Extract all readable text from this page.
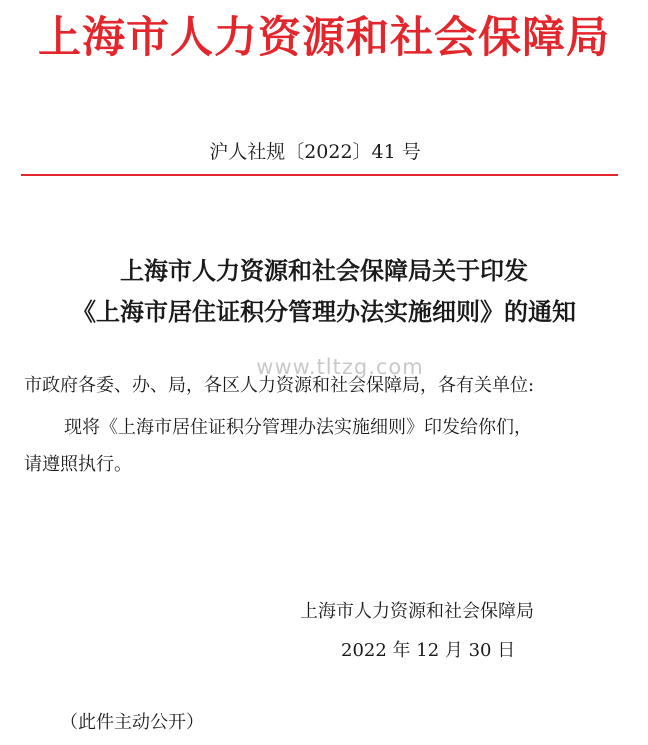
上海市人力资源和社会保障局
沪人社规〔2022〕41 号
上海市人力资源和社会保障局关于印发
《上海市居住证积分管理办法实施细则》的通知
市政府各委、办、局，各区人力资源和社会保障局，各有关单位:
www.tltzg.com
现将《上海市居住证积分管理办法实施细则》印发给你们，
请遵照执行。
上海市人力资源和社会保障局
2022 年 12 月 30 日
（此件主动公开）
